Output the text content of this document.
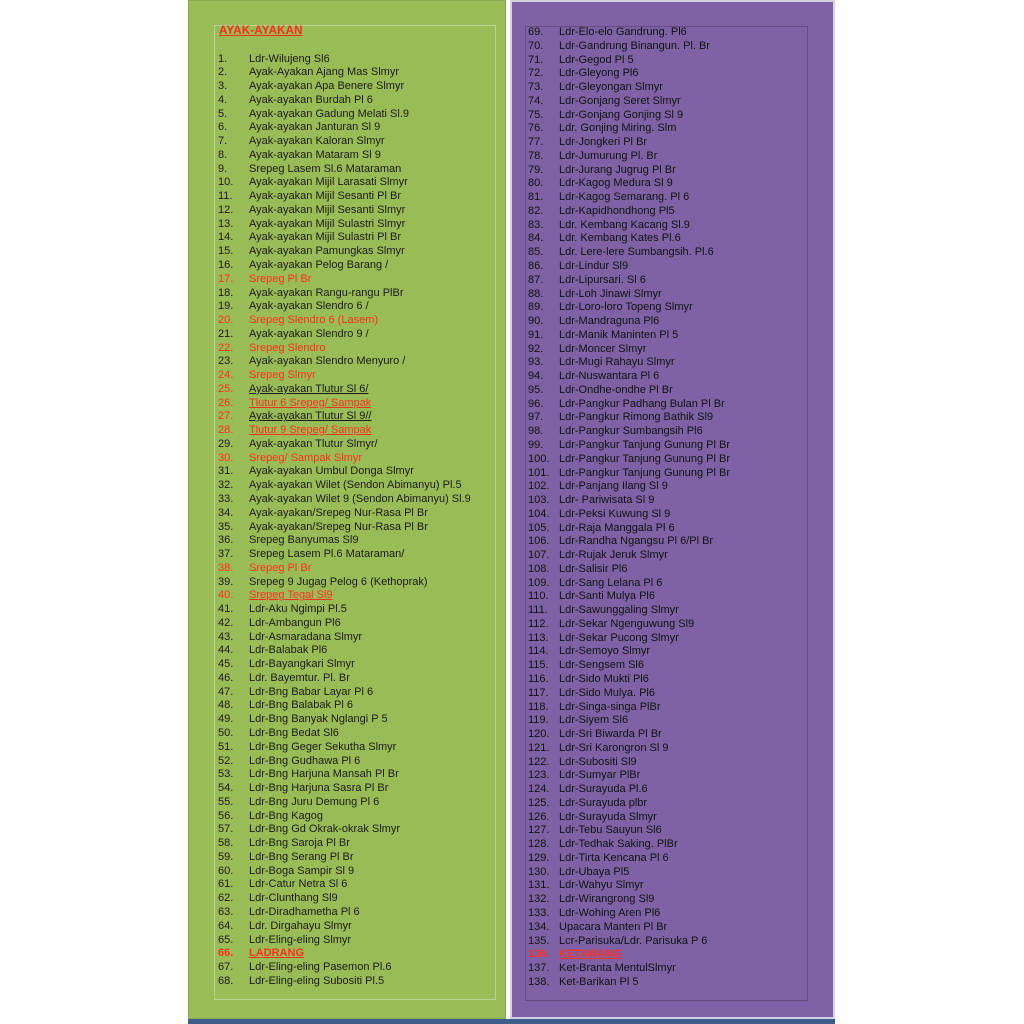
AYAK-AYAKAN
1. Ldr-Wilujeng Sl6
2. Ayak-Ayakan Ajang Mas Slmyr
3. Ayak-ayakan Apa Benere Slmyr
4. Ayak-ayakan Burdah Pl 6
5. Ayak-ayakan Gadung Melati Sl.9
6. Ayak-ayakan Janturan Sl 9
7. Ayak-ayakan Kaloran Slmyr
8. Ayak-ayakan Mataram Sl 9
9. Srepeg Lasem Sl.6 Mataraman
10. Ayak-ayakan Mijil Larasati Slmyr
11. Ayak-ayakan Mijil Sesanti Pl Br
12. Ayak-ayakan Mijil Sesanti Slmyr
13. Ayak-ayakan Mijil Sulastri Slmyr
14. Ayak-ayakan Mijil Sulastri Pl Br
15. Ayak-ayakan Pamungkas Slmyr
16. Ayak-ayakan Pelog Barang /
17. Srepeg Pl Br
18. Ayak-ayakan Rangu-rangu PlBr
19. Ayak-ayakan Slendro 6 /
20. Srepeg Slendro 6 (Lasem)
21. Ayak-ayakan Slendro 9 /
22. Srepeg Slendro
23. Ayak-ayakan Slendro Menyuro /
24. Srepeg Slmyr
25. Ayak-ayakan Tlutur Sl 6/
26. Tlutur 6 Srepeg/ Sampak
27. Ayak-ayakan Tlutur Sl 9//
28. Tlutur 9 Srepeg/ Sampak
29. Ayak-ayakan Tlutur Slmyr/
30. Srepeg/ Sampak Slmyr
31. Ayak-ayakan Umbul Donga Slmyr
32. Ayak-ayakan Wilet (Sendon Abimanyu) Pl.5
33. Ayak-ayakan Wilet 9 (Sendon Abimanyu) Sl.9
34. Ayak-ayakan/Srepeg Nur-Rasa Pl Br
35. Ayak-ayakan/Srepeg Nur-Rasa Pl Br
36. Srepeg Banyumas Sl9
37. Srepeg Lasem Pl.6 Mataraman/
38. Srepeg Pl Br
39. Srepeg 9 Jugag Pelog 6 (Kethoprak)
40. Srepeg Tegal Sl9
41. Ldr-Aku Ngimpi Pl.5
42. Ldr-Ambangun Pl6
43. Ldr-Asmaradana Slmyr
44. Ldr-Balabak Pl6
45. Ldr-Bayangkari Slmyr
46. Ldr. Bayemtur. Pl. Br
47. Ldr-Bng Babar Layar Pl 6
48. Ldr-Bng Balabak Pl 6
49. Ldr-Bng Banyak Nglangi P 5
50. Ldr-Bng Bedat Sl6
51. Ldr-Bng Geger Sekutha Slmyr
52. Ldr-Bng Gudhawa Pl 6
53. Ldr-Bng Harjuna Mansah Pl Br
54. Ldr-Bng Harjuna Sasra Pl Br
55. Ldr-Bng Juru Demung Pl 6
56. Ldr-Bng Kagog
57. Ldr-Bng Gd Okrak-okrak Slmyr
58. Ldr-Bng Saroja Pl Br
59. Ldr-Bng Serang Pl Br
60. Ldr-Boga Sampir Sl 9
61. Ldr-Catur Netra Sl 6
62. Ldr-Clunthang Sl9
63. Ldr-Diradhametha Pl 6
64. Ldr. Dirgahayu Slmyr
65. Ldr-Eling-eling Slmyr
66. LADRANG
67. Ldr-Eling-eling Pasemon Pl.6
68. Ldr-Eling-eling Subositi Pl.5
69. Ldr-Elo-elo Gandrung. Pl6
70. Ldr-Gandrung Binangun. Pl. Br
71. Ldr-Gegod Pl 5
72. Ldr-Gleyong Pl6
73. Ldr-Gleyongan Slmyr
74. Ldr-Gonjang Seret Slmyr
75. Ldr-Gonjang Gonjing Sl 9
76. Ldr. Gonjing Miring. Slm
77. Ldr-Jongkeri Pl Br
78. Ldr-Jumurung Pl. Br
79. Ldr-Jurang Jugrug Pl Br
80. Ldr-Kagog Medura Sl 9
81. Ldr-Kagog Semarang. Pl 6
82. Ldr-Kapidhondhong Pl5
83. Ldr. Kembang Kacang Sl.9
84. Ldr. Kembang Kates Pl.6
85. Ldr. Lere-lere Sumbangsih. Pl.6
86. Ldr-Lindur Sl9
87. Ldr-Lipursari. Sl 6
88. Ldr-Loh Jinawi Slmyr
89. Ldr-Loro-loro Topeng Slmyr
90. Ldr-Mandraguna Pl6
91. Ldr-Manik Maninten Pl 5
92. Ldr-Moncer Slmyr
93. Ldr-Mugi Rahayu Slmyr
94. Ldr-Nuswantara Pl 6
95. Ldr-Ondhe-ondhe Pl Br
96. Ldr-Pangkur Padhang Bulan Pl Br
97. Ldr-Pangkur Rimong Bathik Sl9
98. Ldr-Pangkur Sumbangsih Pl6
99. Ldr-Pangkur Tanjung Gunung Pl Br
100. Ldr-Pangkur Tanjung Gunung Pl Br
101. Ldr-Pangkur Tanjung Gunung Pl Br
102. Ldr-Panjang Ilang Sl 9
103. Ldr- Pariwisata Sl 9
104. Ldr-Peksi Kuwung Sl 9
105. Ldr-Raja Manggala Pl 6
106. Ldr-Randha Ngangsu Pl 6/Pl Br
107. Ldr-Rujak Jeruk Slmyr
108. Ldr-Salisir Pl6
109. Ldr-Sang Lelana Pl 6
110. Ldr-Santi Mulya Pl6
111. Ldr-Sawunggaling Slmyr
112. Ldr-Sekar Ngenguwung Sl9
113. Ldr-Sekar Pucong Slmyr
114. Ldr-Semoyo Slmyr
115. Ldr-Sengsem Sl6
116. Ldr-Sido Mukti Pl6
117. Ldr-Sido Mulya. Pl6
118. Ldr-Singa-singa PlBr
119. Ldr-Siyem Sl6
120. Ldr-Sri Biwarda Pl Br
121. Ldr-Sri Karongron Sl 9
122. Ldr-Subositi Sl9
123. Ldr-Sumyar PlBr
124. Ldr-Surayuda Pl.6
125. Ldr-Surayuda plbr
126. Ldr-Surayuda Slmyr
127. Ldr-Tebu Sauyun Sl6
128. Ldr-Tedhak Saking. PlBr
129. Ldr-Tirta Kencana Pl 6
130. Ldr-Ubaya Pl5
131. Ldr-Wahyu Slmyr
132. Ldr-Wirangrong Sl9
133. Ldr-Wohing Aren Pl6
134. Upacara Manten Pl Br
135. Lcr-Parisuka/Ldr. Parisuka P 6
136. KETAWANG
137. Ket-Branta MentulSlmyr
138. Ket-Barikan Pl 5
